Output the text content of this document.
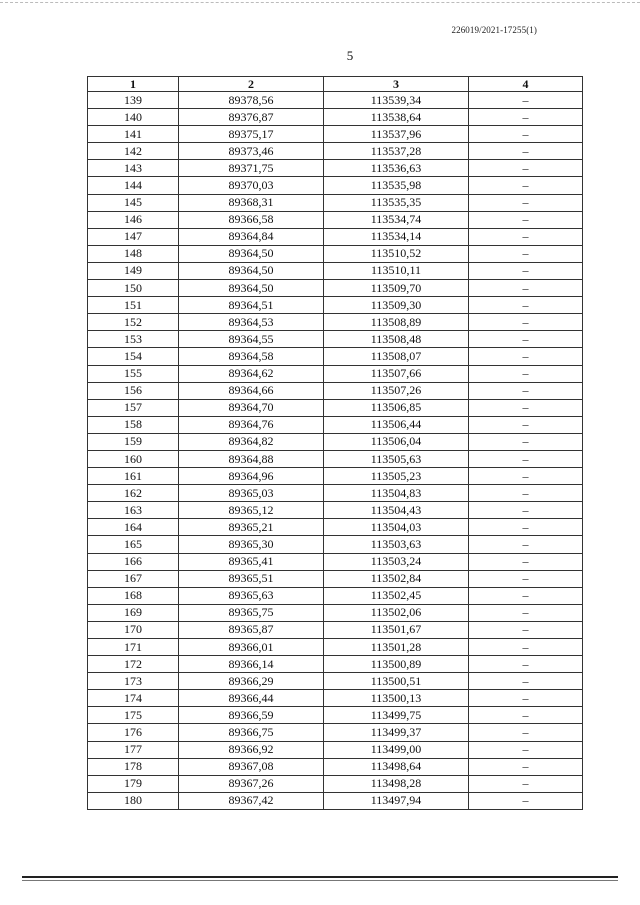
226019/2021-17255(1)
5
1	2	3	4
139	89378,56	113539,34	–
140	89376,87	113538,64	–
141	89375,17	113537,96	–
142	89373,46	113537,28	–
143	89371,75	113536,63	–
144	89370,03	113535,98	–
145	89368,31	113535,35	–
146	89366,58	113534,74	–
147	89364,84	113534,14	–
148	89364,50	113510,52	–
149	89364,50	113510,11	–
150	89364,50	113509,70	–
151	89364,51	113509,30	–
152	89364,53	113508,89	–
153	89364,55	113508,48	–
154	89364,58	113508,07	–
155	89364,62	113507,66	–
156	89364,66	113507,26	–
157	89364,70	113506,85	–
158	89364,76	113506,44	–
159	89364,82	113506,04	–
160	89364,88	113505,63	–
161	89364,96	113505,23	–
162	89365,03	113504,83	–
163	89365,12	113504,43	–
164	89365,21	113504,03	–
165	89365,30	113503,63	–
166	89365,41	113503,24	–
167	89365,51	113502,84	–
168	89365,63	113502,45	–
169	89365,75	113502,06	–
170	89365,87	113501,67	–
171	89366,01	113501,28	–
172	89366,14	113500,89	–
173	89366,29	113500,51	–
174	89366,44	113500,13	–
175	89366,59	113499,75	–
176	89366,75	113499,37	–
177	89366,92	113499,00	–
178	89367,08	113498,64	–
179	89367,26	113498,28	–
180	89367,42	113497,94	–
